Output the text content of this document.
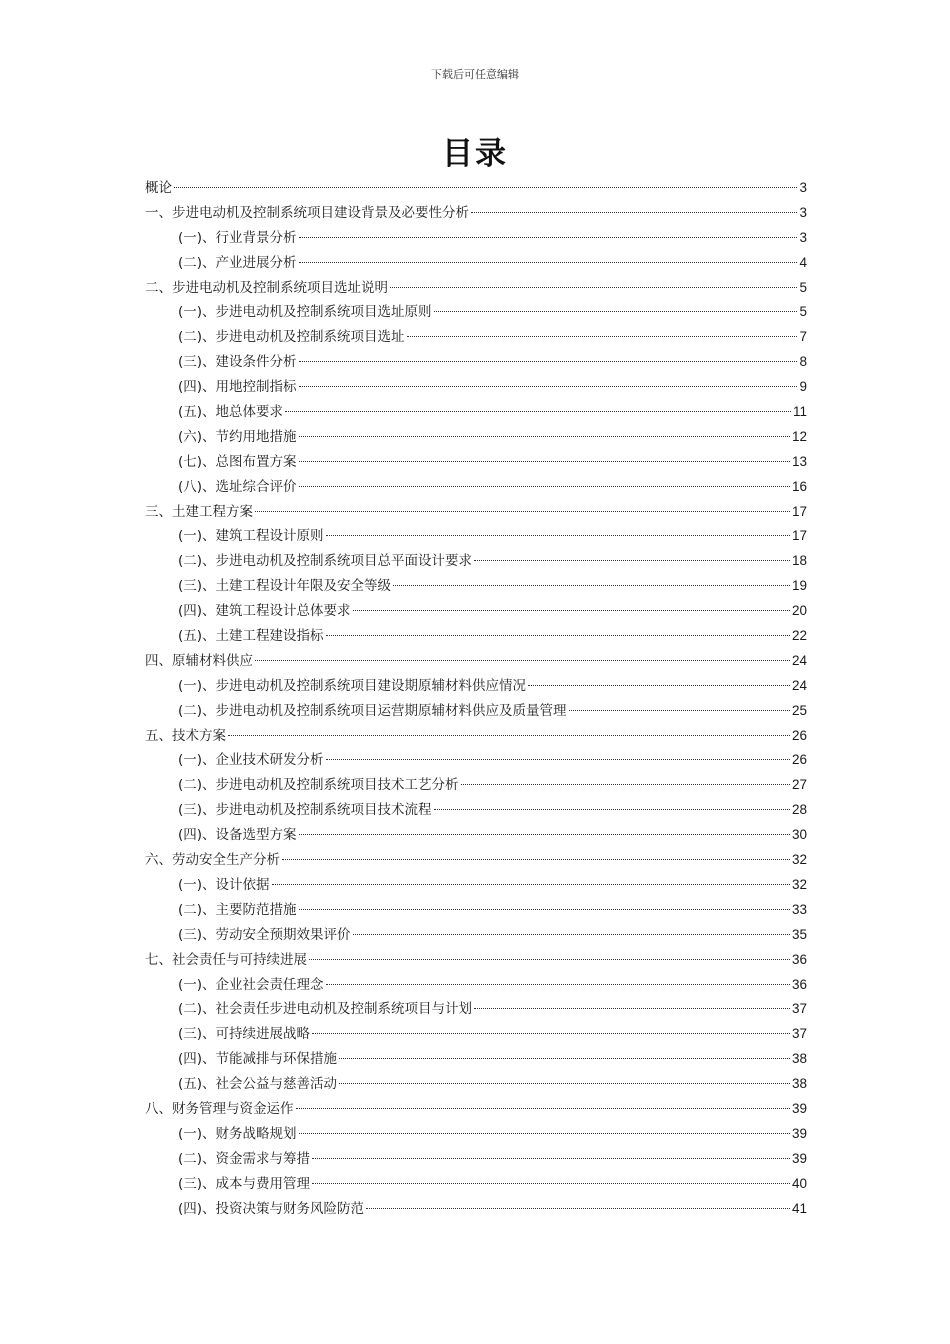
下载后可任意编辑
目录
概论	3
一、步进电动机及控制系统项目建设背景及必要性分析	3
(一)、行业背景分析	3
(二)、产业进展分析	4
二、步进电动机及控制系统项目选址说明	5
(一)、步进电动机及控制系统项目选址原则	5
(二)、步进电动机及控制系统项目选址	7
(三)、建设条件分析	8
(四)、用地控制指标	9
(五)、地总体要求	11
(六)、节约用地措施	12
(七)、总图布置方案	13
(八)、选址综合评价	16
三、土建工程方案	17
(一)、建筑工程设计原则	17
(二)、步进电动机及控制系统项目总平面设计要求	18
(三)、土建工程设计年限及安全等级	19
(四)、建筑工程设计总体要求	20
(五)、土建工程建设指标	22
四、原辅材料供应	24
(一)、步进电动机及控制系统项目建设期原辅材料供应情况	24
(二)、步进电动机及控制系统项目运营期原辅材料供应及质量管理	25
五、技术方案	26
(一)、企业技术研发分析	26
(二)、步进电动机及控制系统项目技术工艺分析	27
(三)、步进电动机及控制系统项目技术流程	28
(四)、设备选型方案	30
六、劳动安全生产分析	32
(一)、设计依据	32
(二)、主要防范措施	33
(三)、劳动安全预期效果评价	35
七、社会责任与可持续进展	36
(一)、企业社会责任理念	36
(二)、社会责任步进电动机及控制系统项目与计划	37
(三)、可持续进展战略	37
(四)、节能减排与环保措施	38
(五)、社会公益与慈善活动	38
八、财务管理与资金运作	39
(一)、财务战略规划	39
(二)、资金需求与筹措	39
(三)、成本与费用管理	40
(四)、投资决策与财务风险防范	41
